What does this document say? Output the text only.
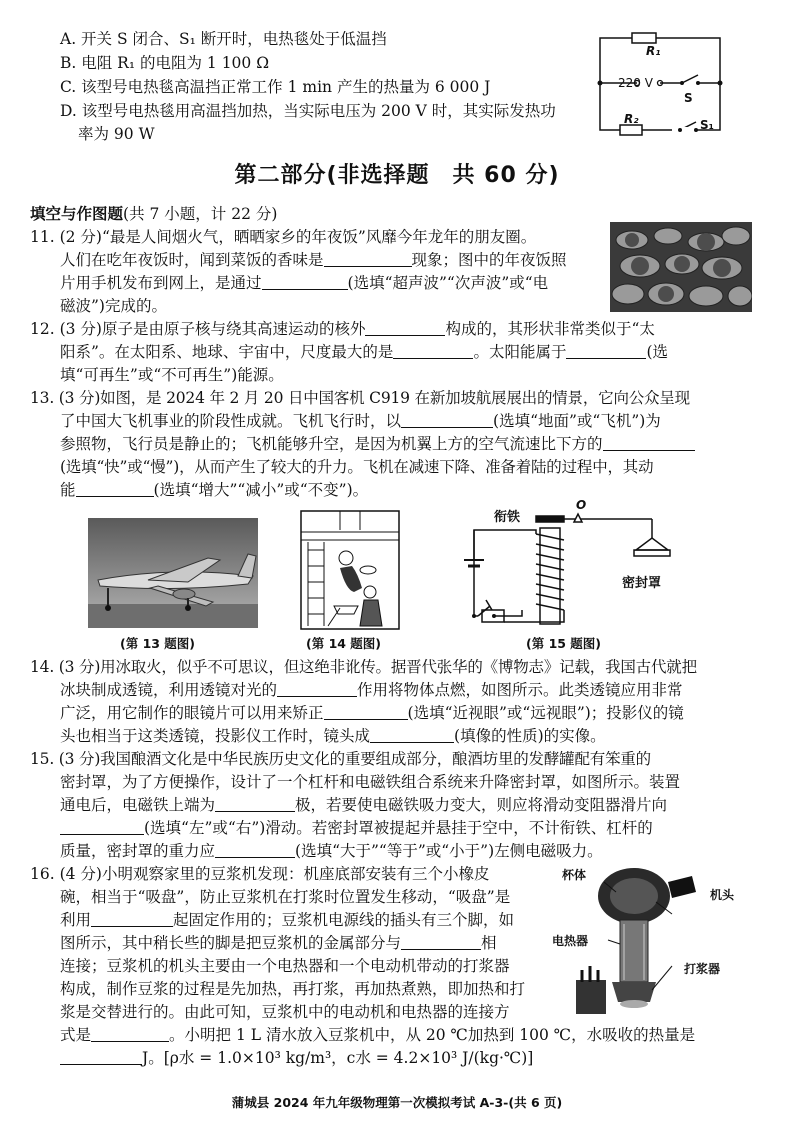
A. 开关 S 闭合、S₁ 断开时，电热毯处于低温挡
B. 电阻 R₁ 的电阻为 1 100 Ω
C. 该型号电热毯高温挡正常工作 1 min 产生的热量为 6 000 J
D. 该型号电热毯用高温挡加热，当实际电压为 200 V 时，其实际发热功
率为 90 W
R₁
R₂
220 V
S
S₁
第二部分(非选择题　共 60 分)
填空与作图题(共 7 小题，计 22 分)
11. (2 分)“最是人间烟火气，晒晒家乡的年夜饭”风靡今年龙年的朋友圈。
人们在吃年夜饭时，闻到菜饭的香味是	现象；图中的年夜饭照
片用手机发布到网上，是通过	(选填“超声波”“次声波”或“电
磁波”)完成的。
12. (3 分)原子是由原子核与绕其高速运动的核外	构成的，其形状非常类似于“太
阳系”。在太阳系、地球、宇宙中，尺度最大的是	。太阳能属于	(选
填“可再生”或“不可再生”)能源。
13. (3 分)如图，是 2024 年 2 月 20 日中国客机 C919 在新加坡航展展出的情景，它向公众呈现
了中国大飞机事业的阶段性成就。飞机飞行时，以	(选填“地面”或“飞机”)为
参照物，飞行员是静止的；飞机能够升空，是因为机翼上方的空气流速比下方的
(选填“快”或“慢”)，从而产生了较大的升力。飞机在减速下降、准备着陆的过程中，其动
能	(选填“增大”“减小”或“不变”)。
(第 13 题图)	(第 14 题图)
衔铁
O
密封罩
(第 15 题图)
14. (3 分)用冰取火，似乎不可思议，但这绝非讹传。据晋代张华的《博物志》记载，我国古代就把
冰块制成透镜，利用透镜对光的	作用将物体点燃，如图所示。此类透镜应用非常
广泛，用它制作的眼镜片可以用来矫正	(选填“近视眼”或“远视眼”)；投影仪的镜
头也相当于这类透镜，投影仪工作时，镜头成	(填像的性质)的实像。
15. (3 分)我国酿酒文化是中华民族历史文化的重要组成部分，酿酒坊里的发酵罐配有笨重的
密封罩，为了方便操作，设计了一个杠杆和电磁铁组合系统来升降密封罩，如图所示。装置
通电后，电磁铁上端为	极，若要使电磁铁吸力变大，则应将滑动变阻器滑片向
(选填“左”或“右”)滑动。若密封罩被提起并悬挂于空中，不计衔铁、杠杆的
质量，密封罩的重力应	(选填“大于”“等于”或“小于”)左侧电磁吸力。
16. (4 分)小明观察家里的豆浆机发现：机座底部安装有三个小橡皮
碗，相当于“吸盘”，防止豆浆机在打浆时位置发生移动，“吸盘”是
利用	起固定作用的；豆浆机电源线的插头有三个脚，如
图所示，其中稍长些的脚是把豆浆机的金属部分与	相
连接；豆浆机的机头主要由一个电热器和一个电动机带动的打浆器
构成，制作豆浆的过程是先加热，再打浆，再加热煮熟，即加热和打
浆是交替进行的。由此可知，豆浆机中的电动机和电热器的连接方
式是	。小明把 1 L 清水放入豆浆机中，从 20 ℃加热到 100 ℃，水吸收的热量是
J。[ρ水 = 1.0×10³ kg/m³，c水 = 4.2×10³ J/(kg·℃)]
杯体
机头
电热器
打浆器
蒲城县 2024 年九年级物理第一次模拟考试 A-3-(共 6 页)
